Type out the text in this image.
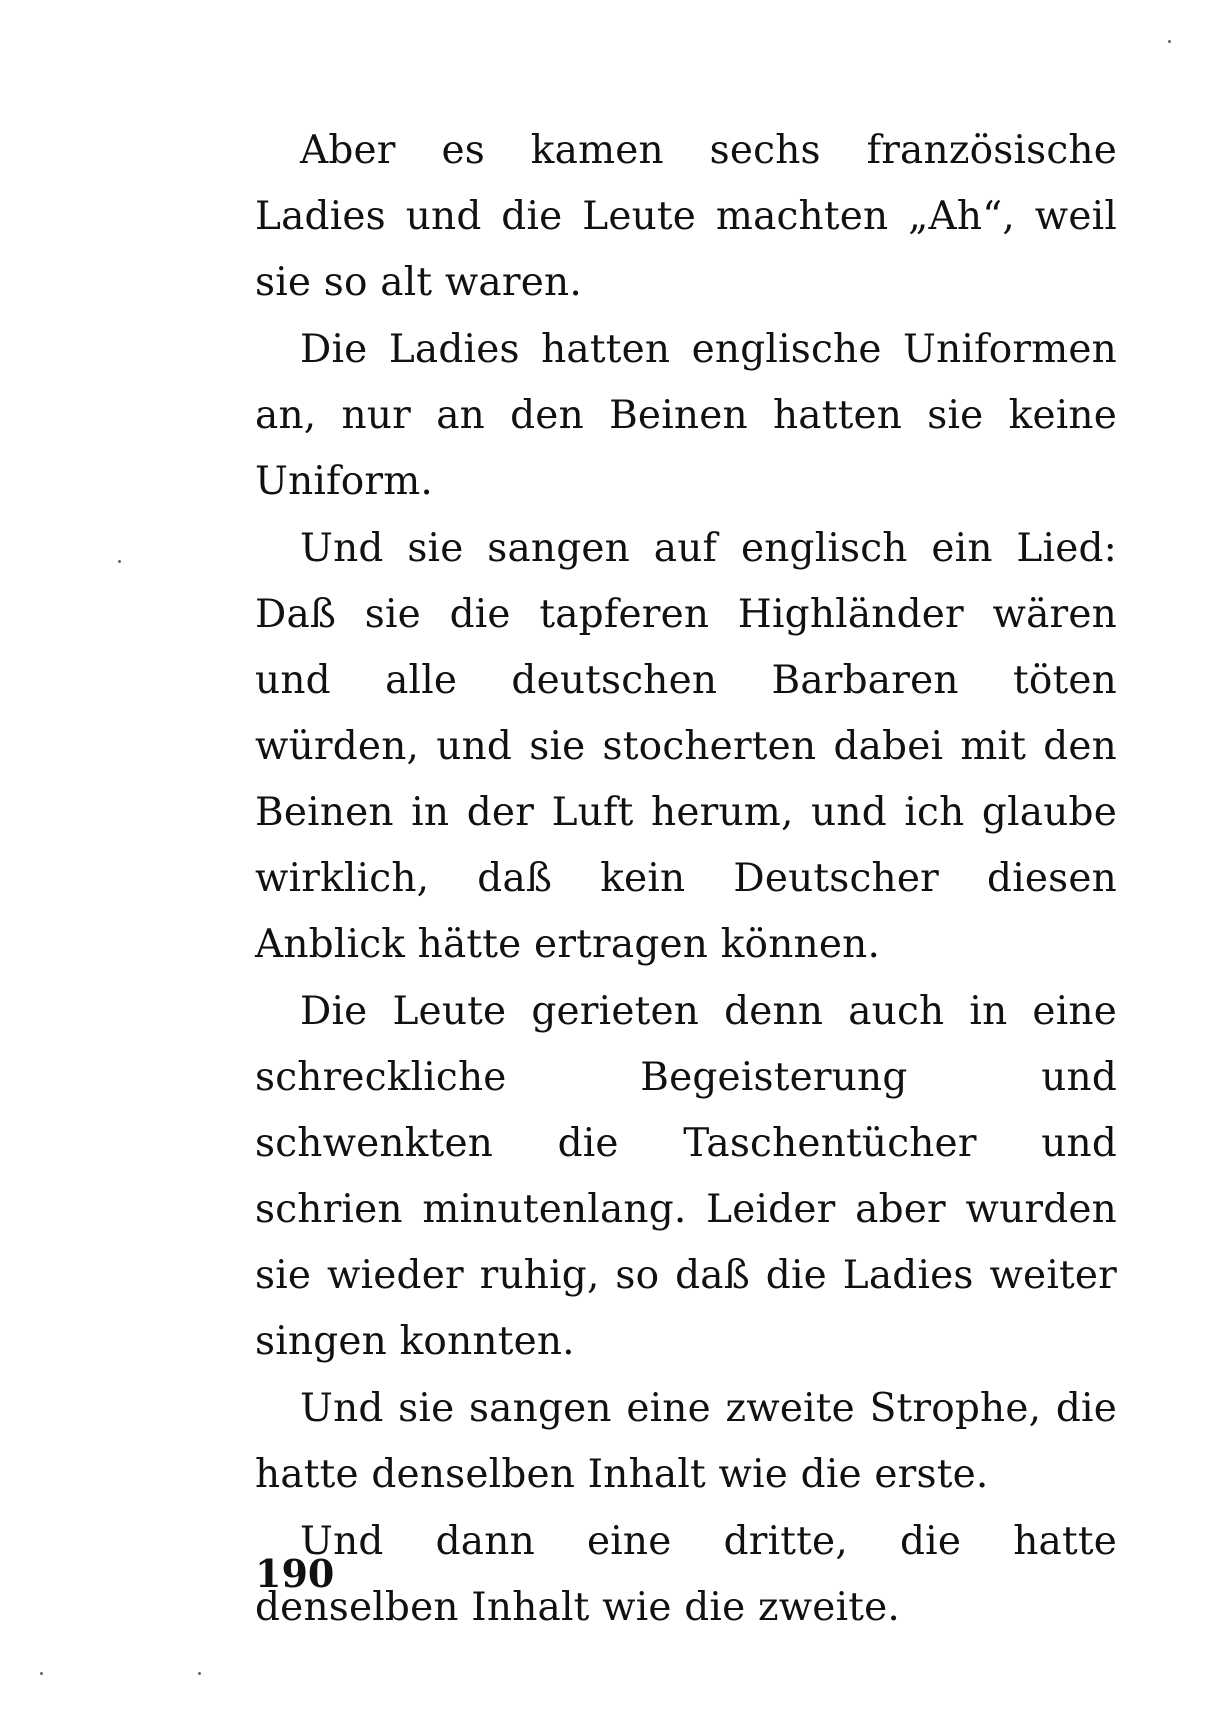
Aber es kamen sechs französische Ladies und die Leute machten „Ah“, weil sie so alt waren.

Die Ladies hatten englische Uniformen an, nur an den Beinen hatten sie keine Uniform.

Und sie sangen auf englisch ein Lied: Daß sie die tapferen Highländer wären und alle deutschen Barbaren töten würden, und sie stocherten dabei mit den Beinen in der Luft herum, und ich glaube wirklich, daß kein Deutscher diesen Anblick hätte ertragen können.

Die Leute gerieten denn auch in eine schreckliche Begeisterung und schwenkten die Taschentücher und schrien minutenlang. Leider aber wurden sie wieder ruhig, so daß die Ladies weiter singen konnten.

Und sie sangen eine zweite Strophe, die hatte denselben Inhalt wie die erste.

Und dann eine dritte, die hatte denselben Inhalt wie die zweite.

190
